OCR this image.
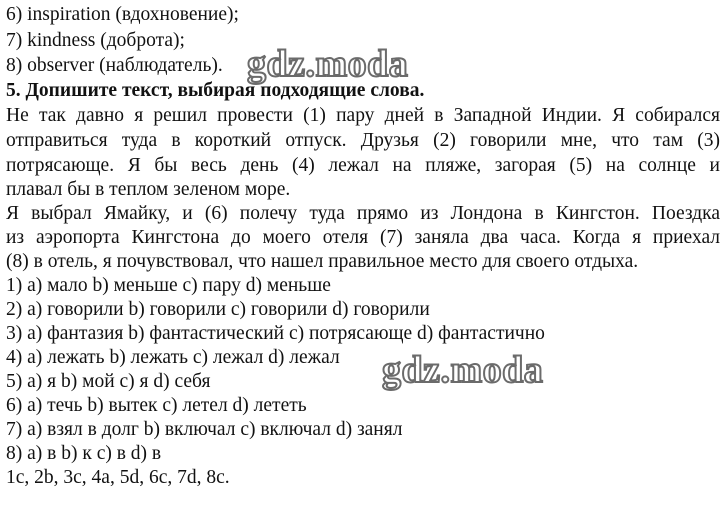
6) inspiration (вдохновение);
7) kindness (доброта);
8) observer (наблюдатель).
5. Допишите текст, выбирая подходящие слова.
Не так давно я решил провести (1) пару дней в Западной Индии. Я собирался
отправиться туда в короткий отпуск. Друзья (2) говорили мне, что там (3)
потрясающе. Я бы весь день (4) лежал на пляже, загорая (5) на солнце и
плавал бы в теплом зеленом море.
Я выбрал Ямайку, и (6) полечу туда прямо из Лондона в Кингстон. Поездка
из аэропорта Кингстона до моего отеля (7) заняла два часа. Когда я приехал
(8) в отель, я почувствовал, что нашел правильное место для своего отдыха.
1) a) мало b) меньше c) пару d) меньше
2) a) говорили b) говорили c) говорили d) говорили
3) a) фантазия b) фантастический c) потрясающе d) фантастично
4) a) лежать b) лежать c) лежал d) лежал
5) a) я b) мой c) я d) себя
6) a) течь b) вытек c) летел d) лететь
7) a) взял в долг b) включал c) включал d) занял
8) a) в b) к c) в d) в
1c, 2b, 3c, 4a, 5d, 6c, 7d, 8c.
gdz.moda
gdz.moda
